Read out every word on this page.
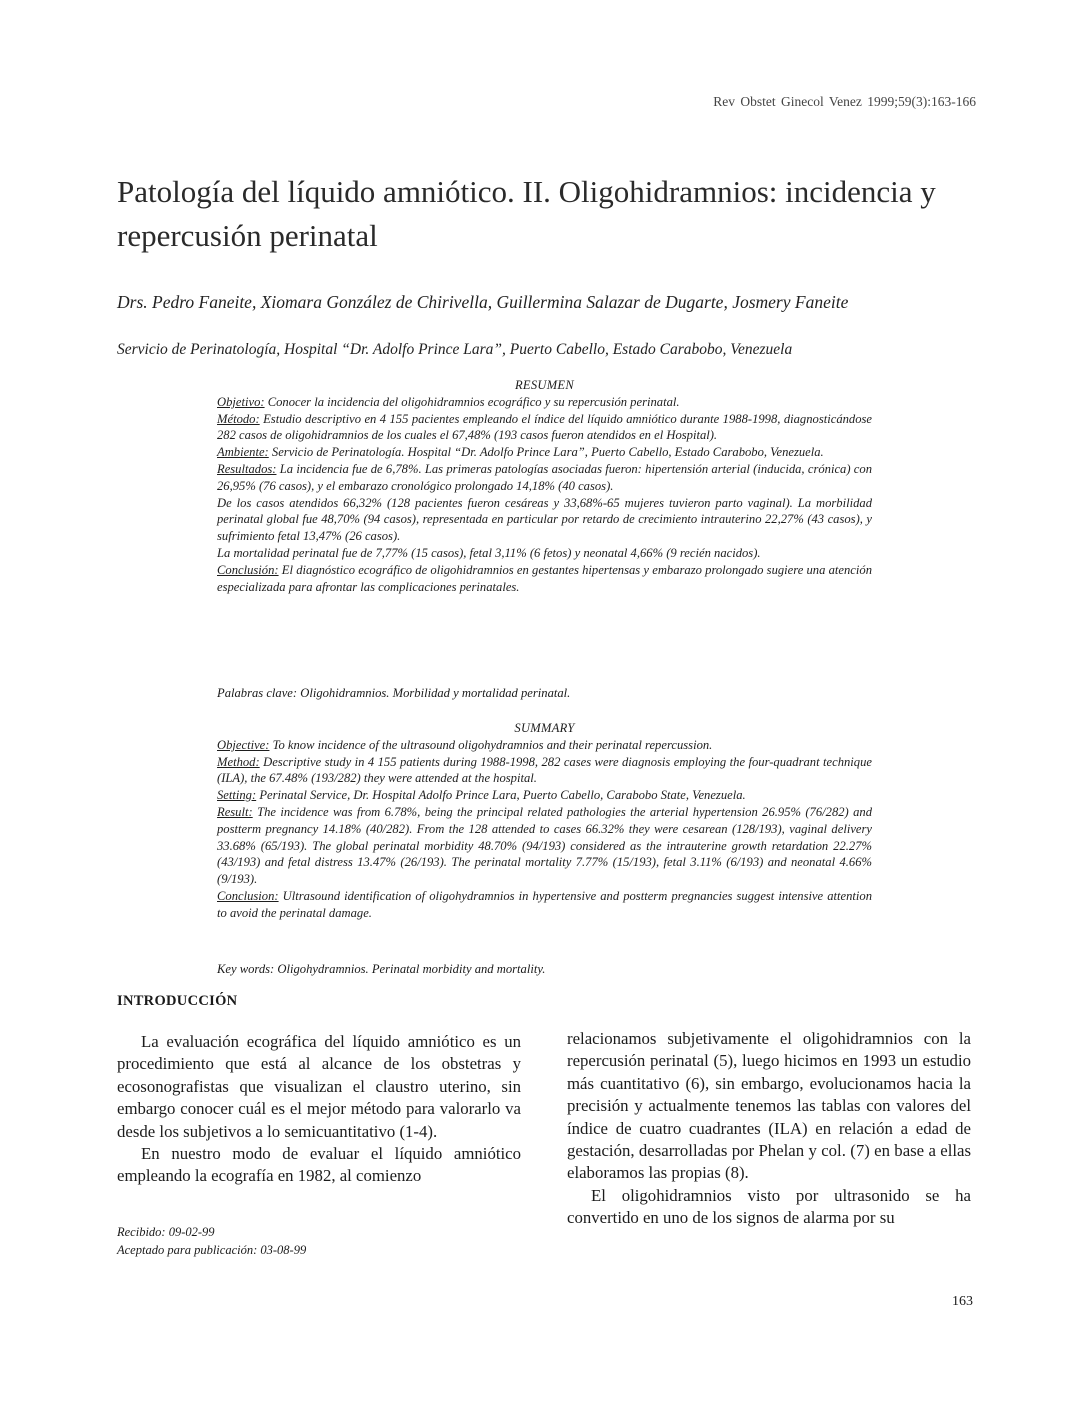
Rev Obstet Ginecol Venez 1999;59(3):163-166
Patología del líquido amniótico. II. Oligohidramnios: incidencia y repercusión perinatal
Drs. Pedro Faneite, Xiomara González de Chirivella, Guillermina Salazar de Dugarte, Josmery Faneite
Servicio de Perinatología, Hospital “Dr. Adolfo Prince Lara”, Puerto Cabello, Estado Carabobo, Venezuela

RESUMEN

Objetivo: Conocer la incidencia del oligohidramnios ecográfico y su repercusión perinatal.

Método: Estudio descriptivo en 4 155 pacientes empleando el índice del líquido amniótico durante 1988-1998, diagnosticándose 282 casos de oligohidramnios de los cuales el 67,48% (193 casos fueron atendidos en el Hospital).

Ambiente: Servicio de Perinatología. Hospital “Dr. Adolfo Prince Lara”, Puerto Cabello, Estado Carabobo, Venezuela.

Resultados: La incidencia fue de 6,78%. Las primeras patologías asociadas fueron: hipertensión arterial (inducida, crónica) con 26,95% (76 casos), y el embarazo cronológico prolongado 14,18% (40 casos).

De los casos atendidos 66,32% (128 pacientes fueron cesáreas y 33,68%-65 mujeres tuvieron parto vaginal). La morbilidad perinatal global fue 48,70% (94 casos), representada en particular por retardo de crecimiento intrauterino 22,27% (43 casos), y sufrimiento fetal 13,47% (26 casos).

La mortalidad perinatal fue de 7,77% (15 casos), fetal 3,11% (6 fetos) y neonatal 4,66% (9 recién nacidos).

Conclusión: El diagnóstico ecográfico de oligohidramnios en gestantes hipertensas y embarazo prolongado sugiere una atención especializada para afrontar las complicaciones perinatales.

Palabras clave: Oligohidramnios. Morbilidad y mortalidad perinatal.

SUMMARY

Objective: To know incidence of the ultrasound oligohydramnios and their perinatal repercussion.

Method: Descriptive study in 4 155 patients during 1988-1998, 282 cases were diagnosis employing the four-quadrant technique (ILA), the 67.48% (193/282) they were attended at the hospital.

Setting: Perinatal Service, Dr. Hospital Adolfo Prince Lara, Puerto Cabello, Carabobo State, Venezuela.

Result: The incidence was from 6.78%, being the principal related pathologies the arterial hypertension 26.95% (76/282) and postterm pregnancy 14.18% (40/282). From the 128 attended to cases 66.32% they were cesarean (128/193), vaginal delivery 33.68% (65/193). The global perinatal morbidity 48.70% (94/193) considered as the intrauterine growth retardation 22.27% (43/193) and fetal distress 13.47% (26/193). The perinatal mortality 7.77% (15/193), fetal 3.11% (6/193) and neonatal 4.66% (9/193).

Conclusion: Ultrasound identification of oligohydramnios in hypertensive and postterm pregnancies suggest intensive attention to avoid the perinatal damage.

Key words: Oligohydramnios. Perinatal morbidity and mortality.
INTRODUCCIÓN

La evaluación ecográfica del líquido amniótico es un procedimiento que está al alcance de los obstetras y ecosonografistas que visualizan el claustro uterino, sin embargo conocer cuál es el mejor método para valorarlo va desde los subjetivos a lo semicuantitativo (1-4).

En nuestro modo de evaluar el líquido amniótico empleando la ecografía en 1982, al comienzo

relacionamos subjetivamente el oligohidramnios con la repercusión perinatal (5), luego hicimos en 1993 un estudio más cuantitativo (6), sin embargo, evolucionamos hacia la precisión y actualmente tenemos las tablas con valores del índice de cuatro cuadrantes (ILA) en relación a edad de gestación, desarrolladas por Phelan y col. (7) en base a ellas elaboramos las propias (8).

El oligohidramnios visto por ultrasonido se ha convertido en uno de los signos de alarma por su

Recibido: 09-02-99
Aceptado para publicación: 03-08-99
163
